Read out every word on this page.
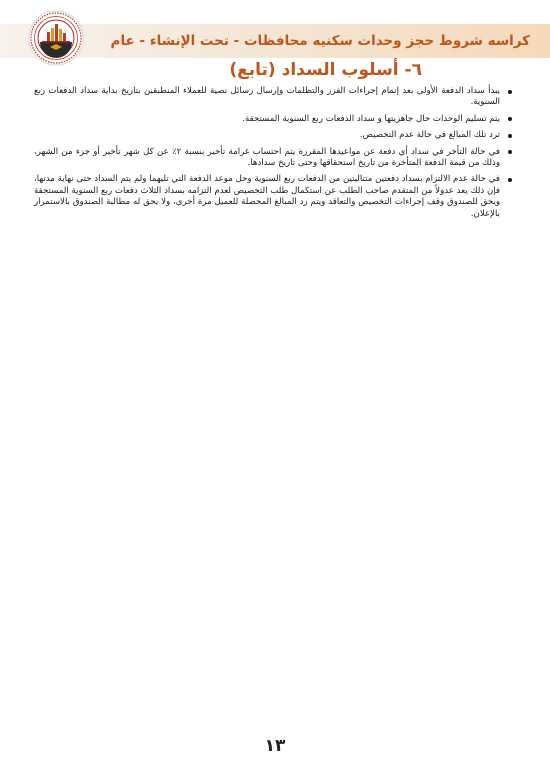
كراسه شروط حجز وحدات سكنيه محافظات - تحت الإنشاء - عام
٦- أسلوب السداد (تابع)
يبدأ سداد الدفعة الأولى بعد إتمام إجراءات الفرز والتظلمات وإرسال رسائل نصية للعملاء المنطبقين بتاريخ بداية سداد الدفعات ربع السنوية.
يتم تسليم الوحدات حال جاهزيتها و سداد الدفعات ربع السنوية المستحقة.
ترد تلك المبالغ في حالة عدم التخصيص.
في حالة التأخر في سداد أي دفعة عن مواعيدها المقررة يتم احتساب غرامة تأخير بنسبة ٢٪ عن كل شهر تأخير أو جزء من الشهر، وذلك من قيمة الدفعة المتأخرة من تاريخ استحقاقها وحتى تاريخ سدادها.
في حالة عدم الالتزام بسداد دفعتين متتاليتين من الدفعات ربع السنوية وحل موعد الدفعة التي تليهما ولم يتم السداد حتى نهاية مدتها، فإن ذلك يعد عدولاً من المتقدم صاحب الطلب عن استكمال طلب التخصيص لعدم التزامه بسداد الثلاث دفعات ربع السنوية المستحقة ويحق للصندوق وقف إجراءات التخصيص والتعاقد ويتم رد المبالغ المحصلة للعميل مرة أخرى، ولا يحق له مطالبة الصندوق بالاستمرار بالإعلان.
١٣
